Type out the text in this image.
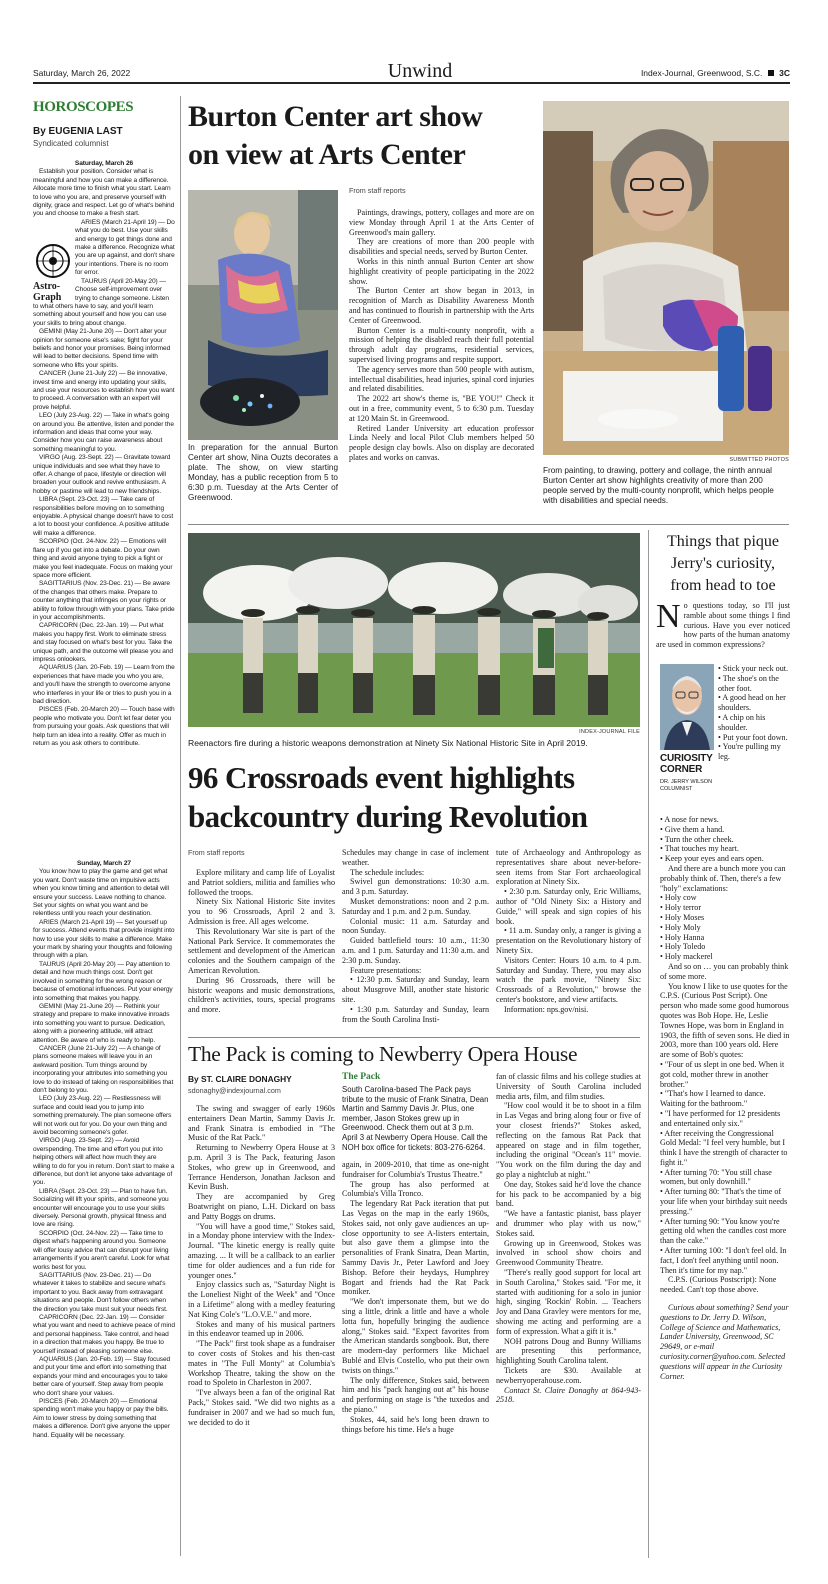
Saturday, March 26, 2022	Unwind	Index-Journal, Greenwood, S.C. 3C
HOROSCOPES
By EUGENIA LAST
Syndicated columnist
Astro-Graph

Saturday, March 26

Establish your position. Consider what is meaningful and how you can make a difference. Allocate more time to finish what you start. Learn to love who you are, and preserve yourself with dignity, grace and respect. Let go of what's behind you and choose to make a fresh start.

ARIES (March 21-April 19) — Do what you do best. Use your skills and energy to get things done and make a difference. Recognize what you are up against, and don't share your intentions. There is no room for error.

TAURUS (April 20-May 20) — Choose self-improvement over trying to change someone. Listen to what others have to say, and you'll learn something about yourself and how you can use your skills to bring about change.

GEMINI (May 21-June 20) — Don't alter your opinion for someone else's sake; fight for your beliefs and honor your promises. Being informed will lead to better decisions. Spend time with someone who lifts your spirits.

CANCER (June 21-July 22) — Be innovative, invest time and energy into updating your skills, and use your resources to establish how you want to proceed. A conversation with an expert will prove helpful.

LEO (July 23-Aug. 22) — Take in what's going on around you. Be attentive, listen and ponder the information and ideas that come your way. Consider how you can raise awareness about something meaningful to you.

VIRGO (Aug. 23-Sept. 22) — Gravitate toward unique individuals and see what they have to offer. A change of pace, lifestyle or direction will broaden your outlook and revive enthusiasm. A hobby or pastime will lead to new friendships.

LIBRA (Sept. 23-Oct. 23) — Take care of responsibilities before moving on to something enjoyable. A physical change doesn't have to cost a lot to boost your confidence. A positive attitude will make a difference.

SCORPIO (Oct. 24-Nov. 22) — Emotions will flare up if you get into a debate. Do your own thing and avoid anyone trying to pick a fight or make you feel inadequate. Focus on making your space more efficient.

SAGITTARIUS (Nov. 23-Dec. 21) — Be aware of the changes that others make. Prepare to counter anything that infringes on your rights or ability to follow through with your plans. Take pride in your accomplishments.

CAPRICORN (Dec. 22-Jan. 19) — Put what makes you happy first. Work to eliminate stress and stay focused on what's best for you. Take the unique path, and the outcome will please you and impress onlookers.

AQUARIUS (Jan. 20-Feb. 19) — Learn from the experiences that have made you who you are, and you'll have the strength to overcome anyone who interferes in your life or tries to push you in a bad direction.

PISCES (Feb. 20-March 20) — Touch base with people who motivate you. Don't let fear deter you from pursuing your goals. Ask questions that will help turn an idea into a reality. Offer as much in return as you ask others to contribute.

Sunday, March 27

You know how to play the game and get what you want. Don't waste time on impulsive acts when you know timing and attention to detail will ensure your success. Leave nothing to chance. Set your sights on what you want and be relentless until you reach your destination.

ARIES (March 21-April 19) — Set yourself up for success. Attend events that provide insight into how to use your skills to make a difference. Make your mark by sharing your thoughts and following through with a plan.

TAURUS (April 20-May 20) — Pay attention to detail and how much things cost. Don't get involved in something for the wrong reason or because of emotional influences. Put your energy into something that makes you happy.

GEMINI (May 21-June 20) — Rethink your strategy and prepare to make innovative inroads into something you want to pursue. Dedication, along with a pioneering attitude, will attract attention. Be aware of who is ready to help.

CANCER (June 21-July 22) — A change of plans someone makes will leave you in an awkward position. Turn things around by incorporating your attributes into something you love to do instead of taking on responsibilities that don't belong to you.

LEO (July 23-Aug. 22) — Restlessness will surface and could lead you to jump into something prematurely. The plan someone offers will not work out for you. Do your own thing and avoid becoming someone's gofer.

VIRGO (Aug. 23-Sept. 22) — Avoid overspending. The time and effort you put into helping others will affect how much they are willing to do for you in return. Don't start to make a difference, but don't let anyone take advantage of you.

LIBRA (Sept. 23-Oct. 23) — Plan to have fun. Socializing will lift your spirits, and someone you encounter will encourage you to use your skills diversely. Personal growth, physical fitness and love are rising.

SCORPIO (Oct. 24-Nov. 22) — Take time to digest what's happening around you. Someone will offer lousy advice that can disrupt your living arrangements if you aren't careful. Look for what works best for you.

SAGITTARIUS (Nov. 23-Dec. 21) — Do whatever it takes to stabilize and secure what's important to you. Back away from extravagant situations and people. Don't follow others when the direction you take must suit your needs first.

CAPRICORN (Dec. 22-Jan. 19) — Consider what you want and need to achieve peace of mind and personal happiness. Take control, and head in a direction that makes you happy. Be true to yourself instead of pleasing someone else.

AQUARIUS (Jan. 20-Feb. 19) — Stay focused and put your time and effort into something that expands your mind and encourages you to take better care of yourself. Step away from people who don't share your values.

PISCES (Feb. 20-March 20) — Emotional spending won't make you happy or pay the bills. Aim to lower stress by doing something that makes a difference. Don't give anyone the upper hand. Equality will be necessary.

Burton Center art show
on view at Arts Center
In preparation for the annual Burton Center art show, Nina Ouzts decorates a plate. The show, on view starting Monday, has a public reception from 5 to 6:30 p.m. Tuesday at the Arts Center of Greenwood.
From staff reports

Paintings, drawings, pottery, collages and more are on view Monday through April 1 at the Arts Center of Greenwood's main gallery.

They are creations of more than 200 people with disabilities and special needs, served by Burton Center.

Works in this ninth annual Burton Center art show highlight creativity of people participating in the 2022 show.

The Burton Center art show began in 2013, in recognition of March as Disability Awareness Month and has continued to flourish in partnership with the Arts Center of Greenwood.

Burton Center is a multi-county nonprofit, with a mission of helping the disabled reach their full potential through adult day programs, residential services, supervised living programs and respite support.

The agency serves more than 500 people with autism, intellectual disabilities, head injuries, spinal cord injuries and related disabilities.

The 2022 art show's theme is, "BE YOU!" Check it out in a free, community event, 5 to 6:30 p.m. Tuesday at 120 Main St. in Greenwood.

Retired Lander University art education professor Linda Neely and local Pilot Club members helped 50 people design clay bowls. Also on display are decorated plates and works on canvas.	SUBMITTED PHOTOS
From painting, to drawing, pottery and collage, the ninth annual Burton Center art show highlights creativity of more than 200 people served by the multi-county nonprofit, which helps people with disabilities and special needs.
INDEX-JOURNAL FILE
Reenactors fire during a historic weapons demonstration at Ninety Six National Historic Site in April 2019.
96 Crossroads event highlights
backcountry during Revolution
From staff reports

Explore military and camp life of Loyalist and Patriot soldiers, militia and families who followed the troops.

Ninety Six National Historic Site invites you to 96 Crossroads, April 2 and 3. Admission is free. All ages welcome.

This Revolutionary War site is part of the National Park Service. It commemorates the settlement and development of the American colonies and the Southern campaign of the American Revolution.

During 96 Crossroads, there will be historic weapons and music demonstrations, children's activities, tours, special programs and more.

Schedules may change in case of inclement weather.

The schedule includes:

Swivel gun demonstrations: 10:30 a.m. and 3 p.m. Saturday.

Musket demonstrations: noon and 2 p.m. Saturday and 1 p.m. and 2 p.m. Sunday.

Colonial music: 11 a.m. Saturday and noon Sunday.

Guided battlefield tours: 10 a.m., 11:30 a.m. and 1 p.m. Saturday and 11:30 a.m. and 2:30 p.m. Sunday.

Feature presentations:

• 12:30 p.m. Saturday and Sunday, learn about Musgrove Mill, another state historic site.

• 1:30 p.m. Saturday and Sunday, learn from the South Carolina Insti-

tute of Archaeology and Anthropology as representatives share about never-before-seen items from Star Fort archaeological exploration at Ninety Six.

• 2:30 p.m. Saturday only, Eric Williams, author of "Old Ninety Six: a History and Guide," will speak and sign copies of his book.

• 11 a.m. Sunday only, a ranger is giving a presentation on the Revolutionary history of Ninety Six.

Visitors Center: Hours 10 a.m. to 4 p.m. Saturday and Sunday. There, you may also watch the park movie, "Ninety Six: Crossroads of a Revolution," browse the center's bookstore, and view artifacts.

Information: nps.gov/nisi.

The Pack is coming to Newberry Opera House
By ST. CLAIRE DONAGHY
sdonaghy@indexjournal.com

The swing and swagger of early 1960s entertainers Dean Martin, Sammy Davis Jr. and Frank Sinatra is embodied in "The Music of the Rat Pack."

Returning to Newberry Opera House at 3 p.m. April 3 is The Pack, featuring Jason Stokes, who grew up in Greenwood, and Terrance Henderson, Jonathan Jackson and Kevin Bush.

They are accompanied by Greg Boatwright on piano, L.H. Dickard on bass and Patty Boggs on drums.

"You will have a good time," Stokes said, in a Monday phone interview with the Index-Journal. "The kinetic energy is really quite amazing. ... It will be a callback to an earlier time for older audiences and a fun ride for younger ones."

Enjoy classics such as, "Saturday Night is the Loneliest Night of the Week" and "Once in a Lifetime" along with a medley featuring Nat King Cole's "L.O.V.E." and more.

Stokes and many of his musical partners in this endeavor teamed up in 2006.

"The Pack" first took shape as a fundraiser to cover costs of Stokes and his then-cast mates in "The Full Monty" at Columbia's Workshop Theatre, taking the show on the road to Spoleto in Charleston in 2007.

"I've always been a fan of the original Rat Pack," Stokes said. "We did two nights as a fundraiser in 2007 and we had so much fun, we decided to do it

The Pack
South Carolina-based The Pack pays tribute to the music of Frank Sinatra, Dean Martin and Sammy Davis Jr. Plus, one member, Jason Stokes grew up in Greenwood. Check them out at 3 p.m. April 3 at Newberry Opera House. Call the NOH box office for tickets: 803-276-6264.

again, in 2009-2010, that time as one-night fundraiser for Columbia's Trustus Theatre."

The group has also performed at Columbia's Villa Tronco.

The legendary Rat Pack iteration that put Las Vegas on the map in the early 1960s, Stokes said, not only gave audiences an up-close opportunity to see A-listers entertain, but also gave them a glimpse into the personalities of Frank Sinatra, Dean Martin, Sammy Davis Jr., Peter Lawford and Joey Bishop. Before their heydays, Humphrey Bogart and friends had the Rat Pack moniker.

"We don't impersonate them, but we do sing a little, drink a little and have a whole lotta fun, hopefully bringing the audience along," Stokes said. "Expect favorites from the American standards songbook. But, there are modern-day performers like Michael Bublé and Elvis Costello, who put their own twists on things."

The only difference, Stokes said, between him and his "pack hanging out at" his house and performing on stage is "the tuxedos and the piano."

Stokes, 44, said he's long been drawn to things before his time. He's a huge

fan of classic films and his college studies at University of South Carolina included media arts, film, and film studies.

"How cool would it be to shoot in a film in Las Vegas and bring along four or five of your closest friends?" Stokes asked, reflecting on the famous Rat Pack that appeared on stage and in film together, including the original "Ocean's 11" movie. "You work on the film during the day and go play a nightclub at night."

One day, Stokes said he'd love the chance for his pack to be accompanied by a big band.

"We have a fantastic pianist, bass player and drummer who play with us now," Stokes said.

Growing up in Greenwood, Stokes was involved in school show choirs and Greenwood Community Theatre.

"There's really good support for local art in South Carolina," Stokes said. "For me, it started with auditioning for a solo in junior high, singing 'Rockin' Robin. ... Teachers Joy and Dana Gravley were mentors for me, showing me acting and performing are a form of expression. What a gift it is."

NOH patrons Doug and Bunny Williams are presenting this performance, highlighting South Carolina talent.

Tickets are $30. Available at newberryoperahouse.com.

Contact St. Claire Donaghy at 864-943-2518.

Things that pique Jerry's curiosity, from head to toe
N o questions today, so I'll just ramble about some things I find curious. Have you ever noticed how parts of the human anatomy are used in common expressions?
CURIOSITY CORNER
DR. JERRY WILSON
COLUMNIST

• Stick your neck out.

• The shoe's on the other foot.

• A good head on her shoulders.

• A chip on his shoulder.

• Put your foot down.

• You're pulling my leg.

• A nose for news.

• Give them a hand.

• Turn the other cheek.

• That touches my heart.

• Keep your eyes and ears open.

And there are a bunch more you can probably think of. Then, there's a few "holy" exclamations:

• Holy cow

• Holy terror

• Holy Moses

• Holy Moly

• Holy Hanna

• Holy Toledo

• Holy mackerel

And so on … you can probably think of some more.

You know I like to use quotes for the C.P.S. (Curious Post Script). One person who made some good humorous quotes was Bob Hope. He, Leslie Townes Hope, was born in England in 1903, the fifth of seven sons. He died in 2003, more than 100 years old. Here are some of Bob's quotes:

• "Four of us slept in one bed. When it got cold, mother threw in another brother."

• "That's how I learned to dance. Waiting for the bathroom."

• "I have performed for 12 presidents and entertained only six."

• After receiving the Congressional Gold Medal: "I feel very humble, but I think I have the strength of character to fight it."

• After turning 70: "You still chase women, but only downhill."

• After turning 80: "That's the time of your life when your birthday suit needs pressing."

• After turning 90: "You know you're getting old when the candles cost more than the cake."

• After turning 100: "I don't feel old. In fact, I don't feel anything until noon. Then it's time for my nap."

C.P.S. (Curious Postscript): None needed. Can't top those above.

Curious about something? Send your questions to Dr. Jerry D. Wilson, College of Science and Mathematics, Lander University, Greenwood, SC 29649, or e-mail curiosity.corner@yahoo.com. Selected questions will appear in the Curiosity Corner.
